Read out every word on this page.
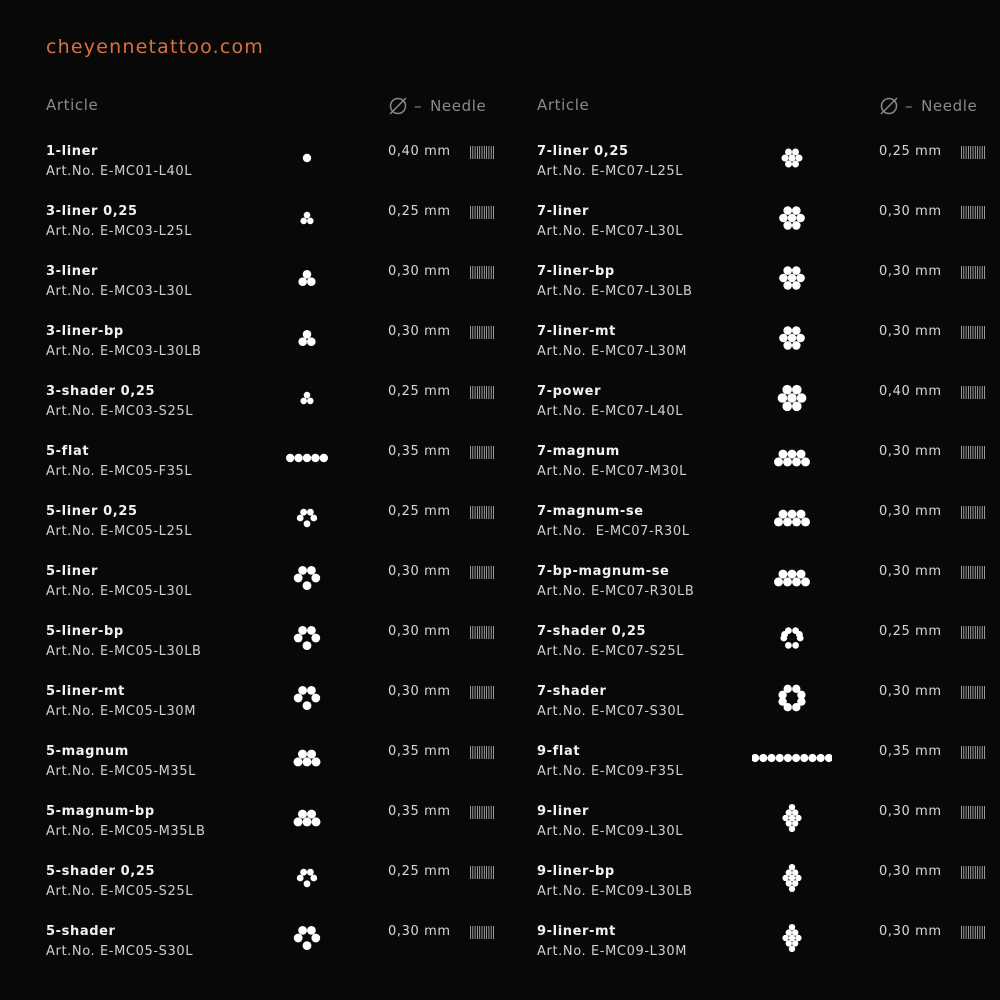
cheyennetattoo.com
Article	– Needle
1-liner
Art.No. E-MC01-L40L
0,40 mm
3-liner 0,25
Art.No. E-MC03-L25L
0,25 mm
3-liner
Art.No. E-MC03-L30L
0,30 mm
3-liner-bp
Art.No. E-MC03-L30LB
0,30 mm
3-shader 0,25
Art.No. E-MC03-S25L
0,25 mm
5-flat
Art.No. E-MC05-F35L
0,35 mm
5-liner 0,25
Art.No. E-MC05-L25L
0,25 mm
5-liner
Art.No. E-MC05-L30L
0,30 mm
5-liner-bp
Art.No. E-MC05-L30LB
0,30 mm
5-liner-mt
Art.No. E-MC05-L30M
0,30 mm
5-magnum
Art.No. E-MC05-M35L
0,35 mm
5-magnum-bp
Art.No. E-MC05-M35LB
0,35 mm
5-shader 0,25
Art.No. E-MC05-S25L
0,25 mm
5-shader
Art.No. E-MC05-S30L
0,30 mm
Article	– Needle
7-liner 0,25
Art.No. E-MC07-L25L
0,25 mm
7-liner
Art.No. E-MC07-L30L
0,30 mm
7-liner-bp
Art.No. E-MC07-L30LB
0,30 mm
7-liner-mt
Art.No. E-MC07-L30M
0,30 mm
7-power
Art.No. E-MC07-L40L
0,40 mm
7-magnum
Art.No. E-MC07-M30L
0,30 mm
7-magnum-se
Art.No.  E-MC07-R30L
0,30 mm
7-bp-magnum-se
Art.No. E-MC07-R30LB
0,30 mm
7-shader 0,25
Art.No. E-MC07-S25L
0,25 mm
7-shader
Art.No. E-MC07-S30L
0,30 mm
9-flat
Art.No. E-MC09-F35L
0,35 mm
9-liner
Art.No. E-MC09-L30L
0,30 mm
9-liner-bp
Art.No. E-MC09-L30LB
0,30 mm
9-liner-mt
Art.No. E-MC09-L30M
0,30 mm
